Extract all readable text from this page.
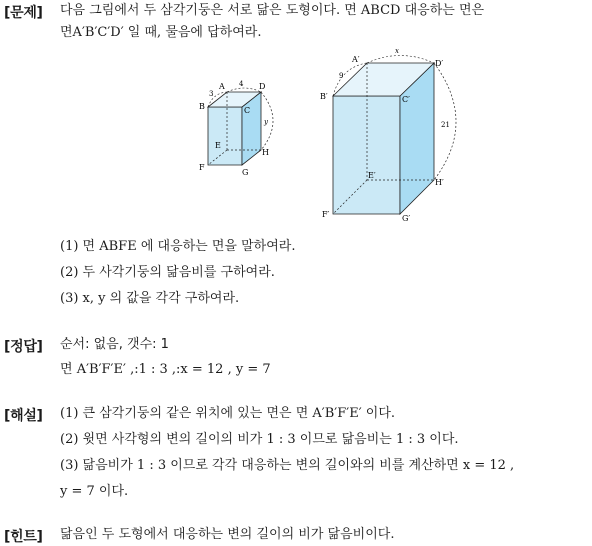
[문제] 다음 그림에서 두 삼각기둥은 서로 닮은 도형이다. 면 ABCD 대응하는 면은
면A′B′C′D′ 일 때, 물음에 답하여라.
A	D
B	C
E
F
G
H
3
4
y
A′	D′
B′	C′
E′
F′	G′
H′
9
x
21
(1) 면 ABFE 에 대응하는 면을 말하여라.
(2) 두 사각기둥의 닮음비를 구하여라.
(3) x, y 의 값을 각각 구하여라.
[정답] 순서: 없음, 갯수: 1
면 A′B′F′E′ ,:1 : 3 ,:x = 12 , y = 7
[해설] (1) 큰 삼각기둥의 같은 위치에 있는 면은 면 A′B′F′E′ 이다.
(2) 윗면 사각형의 변의 길이의 비가 1 : 3 이므로 닮음비는 1 : 3 이다.
(3) 닮음비가 1 : 3 이므로 각각 대응하는 변의 길이와의 비를 계산하면 x = 12 ,
y = 7 이다.
[힌트] 닮음인 두 도형에서 대응하는 변의 길이의 비가 닮음비이다.
